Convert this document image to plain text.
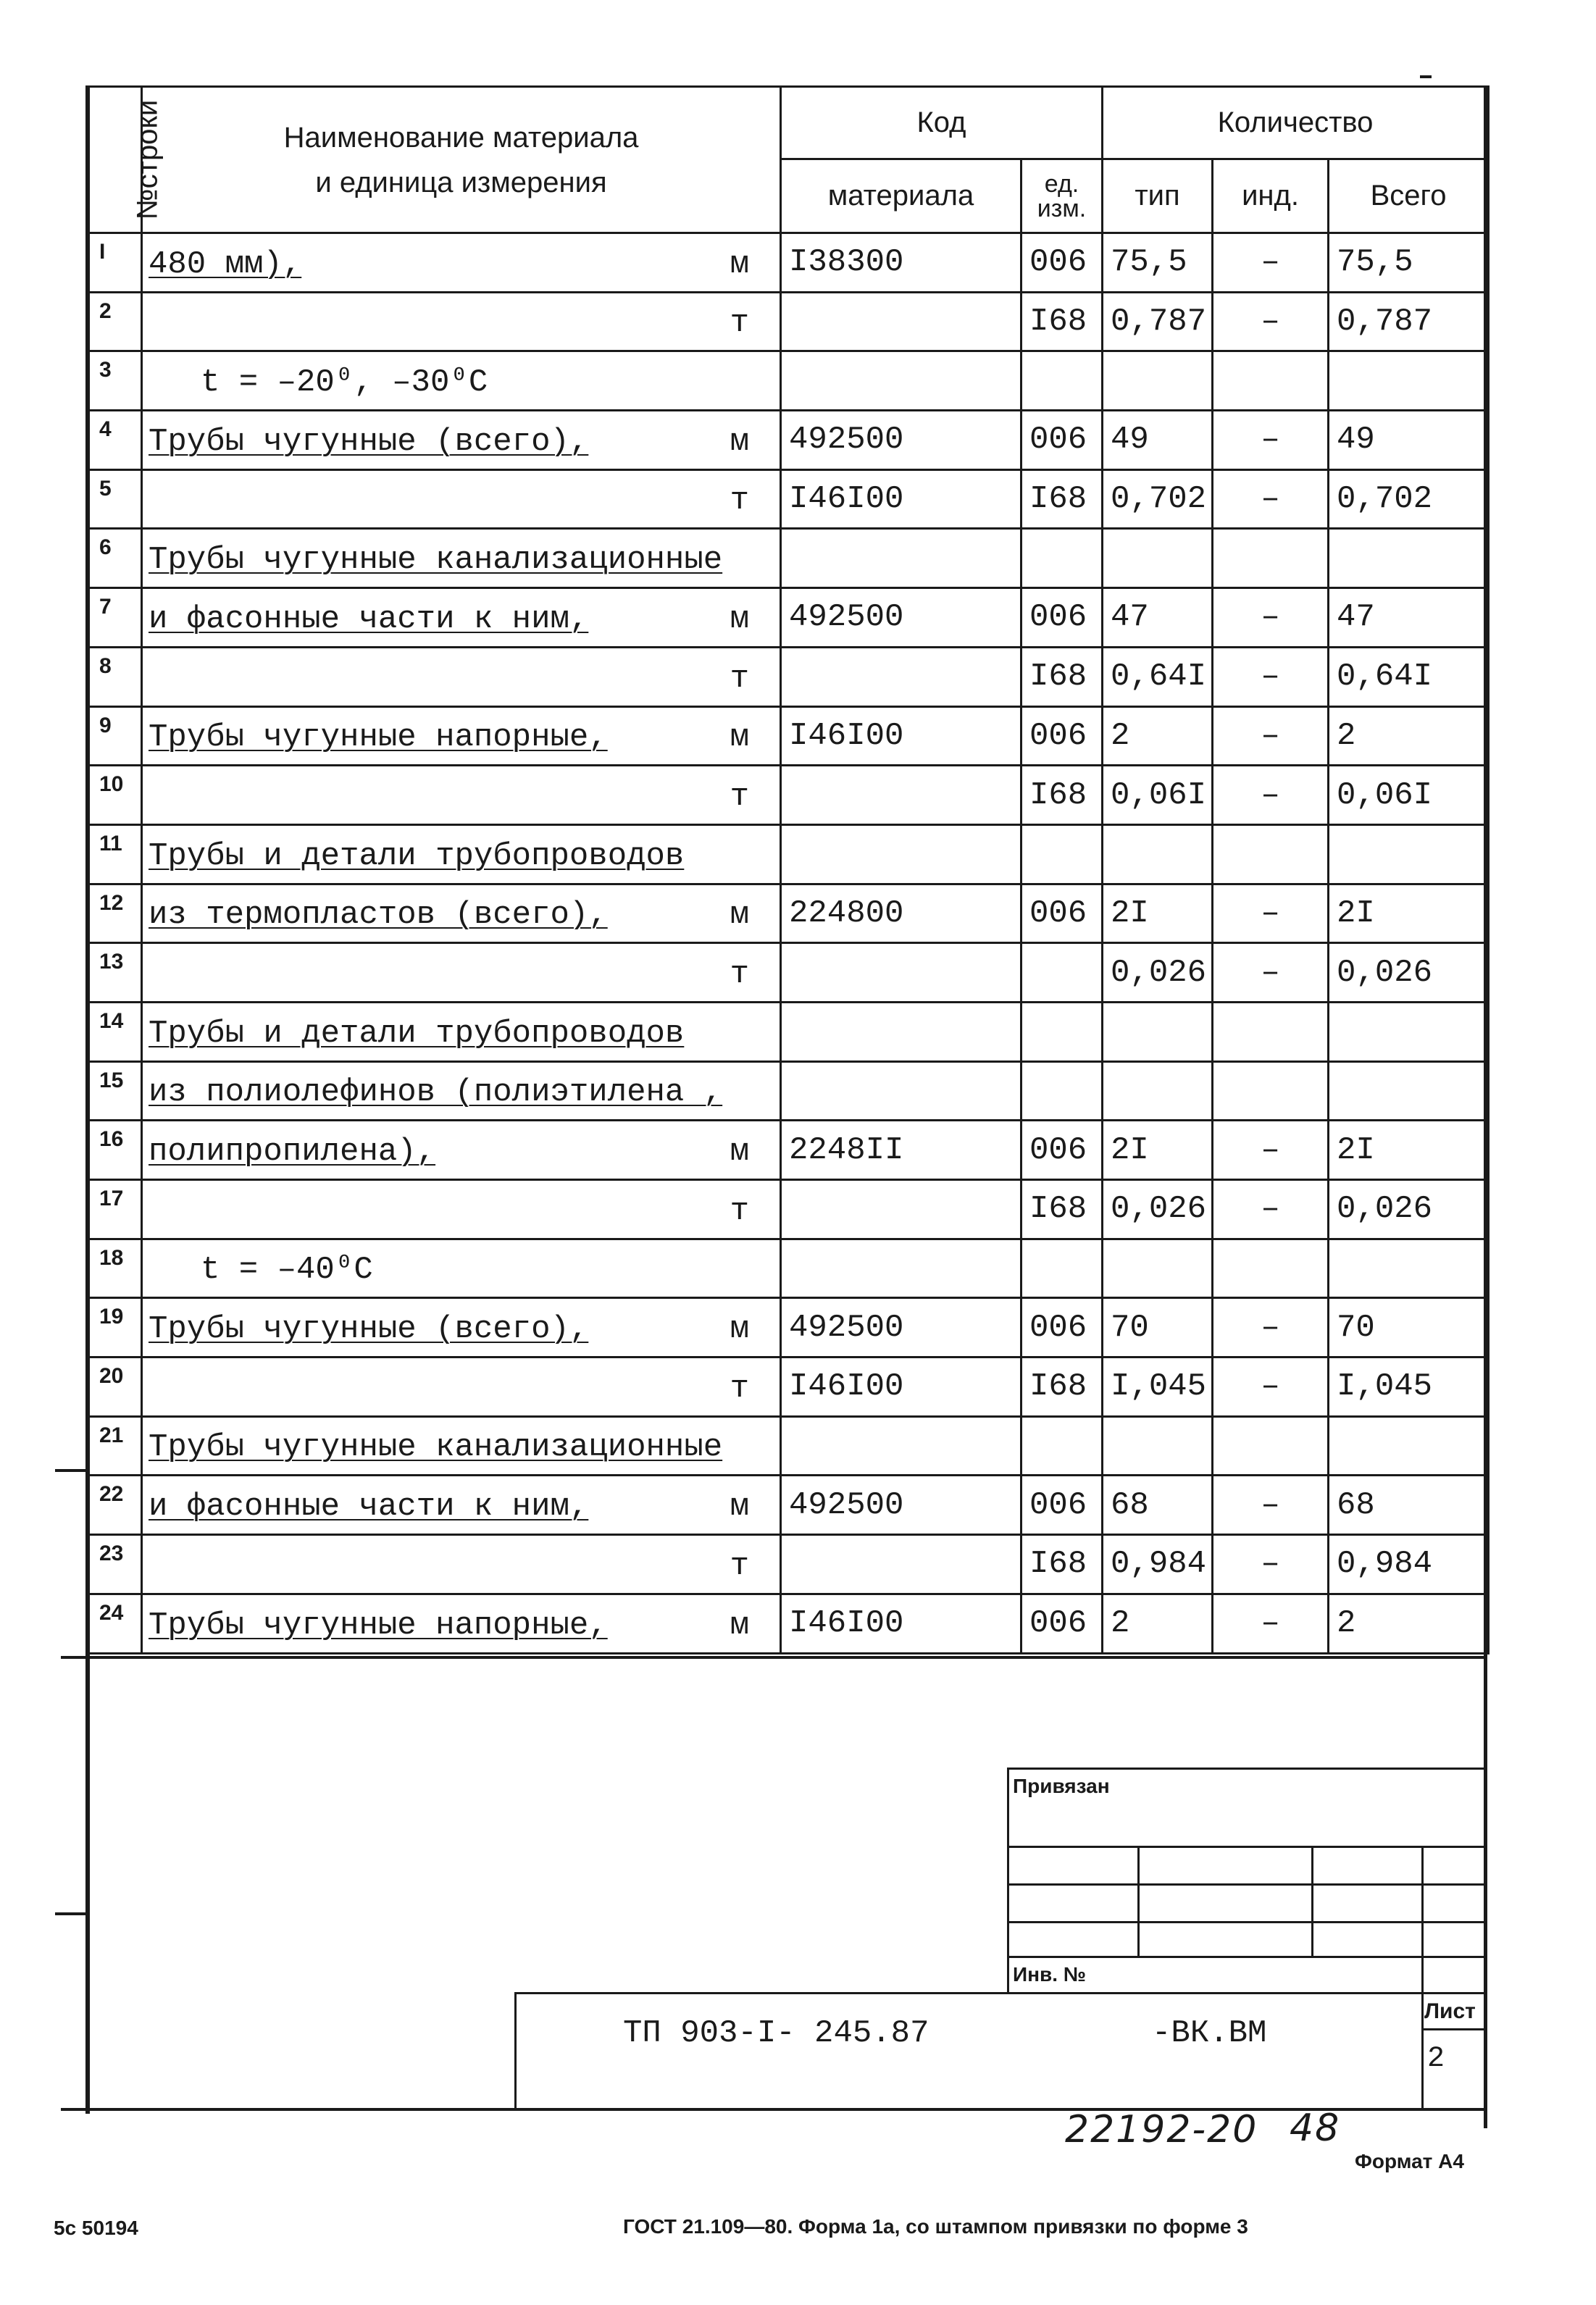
№строки	Наименование материала
и единица измерения	Код		Количество		
		материала	ед. изм.	тип	инд.	Всего
I	480 мм), м	I38300	006	75,5	–	75,5
2	т		I68	0,787	–	0,787
3	t = –20⁰, –30⁰С					

4	Трубы чугунные (всего), м	492500	006	49	–	49
5	т	I46I00	I68	0,702	–	0,702
6	Трубы чугунные канализационные					

7	и фасонные части к ним, м	492500	006	47	–	47
8	т		I68	0,64I	–	0,64I
9	Трубы чугунные напорные, м	I46I00	006	2	–	2
10	т		I68	0,06I	–	0,06I
11	Трубы и детали трубопроводов					

12	из термопластов (всего), м	224800	006	2I	–	2I
13	т			0,026	–	0,026
14	Трубы и детали трубопроводов					

15	из полиолефинов (полиэтилена ,					

16	полипропилена), м	2248II	006	2I	–	2I
17	т		I68	0,026	–	0,026
18	t = –40⁰С					

19	Трубы чугунные (всего), м	492500	006	70	–	70
20	т	I46I00	I68	I,045	–	I,045
21	Трубы чугунные канализационные					

22	и фасонные части к ним, м	492500	006	68	–	68
23	т		I68	0,984	–	0,984
24	Трубы чугунные напорные, м	I46I00	006	2	–	2
Привязан
Инв. №
ТП 903-I- 245.87	-ВК.ВМ
Лист
2
22192-20 48
Формат А4
5с 50194	ГОСТ 21.109—80. Форма 1а, со штампом привязки по форме 3
